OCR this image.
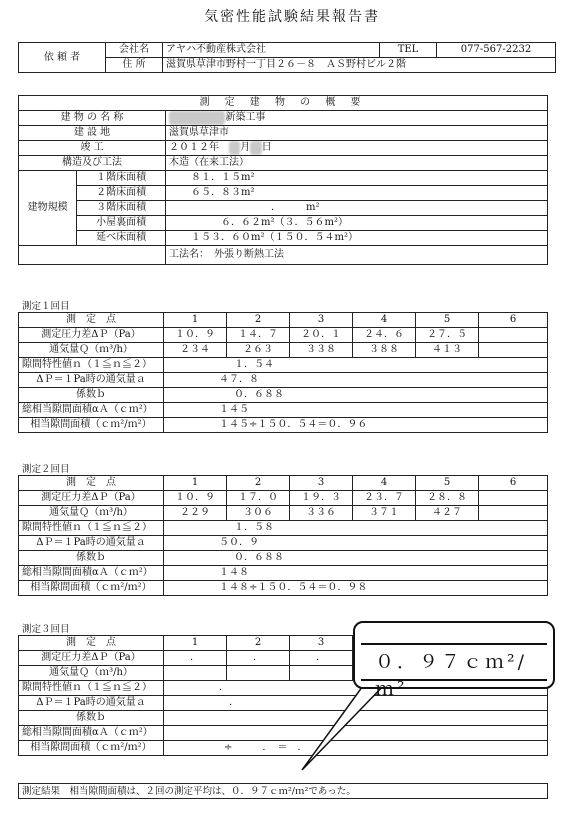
気密性能試験結果報告書
依 頼 者	会社名	アヤハ不動産株式会社	TEL	077-567-2232
	住 所	滋賀県草津市野村一丁目２６－８　ＡＳ野村ビル２階		
測 定 建 物 の 概 要		
建 物 の 名 称		新築工事
建 設 地		滋賀県草津市
竣 工		２０１２年　 月 日
構造及び工法		木造（在来工法）
建物規模	１階床面積	８１．１５m²
	２階床面積	６５．８３m²
	３階床面積	．　　　m²
	小屋裏面積	６．６２m²（３．５６m²）
	延べ床面積	１５３．６０m²（１５０．５４m²）
		工法名：　外張り断熱工法
測定１回目
測　定　点	1	2	3	4	5	6
測定圧力差ΔＰ（Pa）	１０．９	１４．７	２０．１	２４．６	２７．５	
通気量Ｑ（ｍ³/h）	２３４	２６３	３３８	３８８	４１３	
隙間特性値ｎ（１≦ｎ≦２）	１．５４					
ΔＰ＝１Pa時の通気量ａ	４７．８					
係数ｂ	０．６８８					
総相当隙間面積αＡ（ｃｍ²）	１４５					
相当隙間面積（ｃｍ²/ｍ²）	１４５÷１５０．５４＝０．９６					
測定２回目
測　定　点	1	2	3	4	5	6
測定圧力差ΔＰ（Pa）	１０．９	１７．０	１９．３	２３．７	２８．８	
通気量Ｑ（ｍ³/h）	２２９	３０６	３３６	３７１	４２７	
隙間特性値ｎ（１≦ｎ≦２）	１．５８					
ΔＰ＝１Pa時の通気量ａ	５０．９					
係数ｂ	０．６８８					
総相当隙間面積αＡ（ｃｍ²）	１４８					
相当隙間面積（ｃｍ²/ｍ²）	１４８÷１５０．５４＝０．９８					
測定３回目
測　定　点	1	2	3	
測定圧力差ΔＰ（Pa）	．	．	．	
通気量Ｑ（ｍ³/h）				
隙間特性値ｎ（１≦ｎ≦２）	．			
ΔＰ＝１Pa時の通気量ａ	．			
係数ｂ				
総相当隙間面積αＡ（ｃｍ²）				
相当隙間面積（ｃｍ²/ｍ²）	÷　　　．　＝　．			
０．９７ｃｍ²/ｍ²
測定結果　相当隙間面積は、２回の測定平均は、０．９７ｃｍ²/ｍ²であった。
